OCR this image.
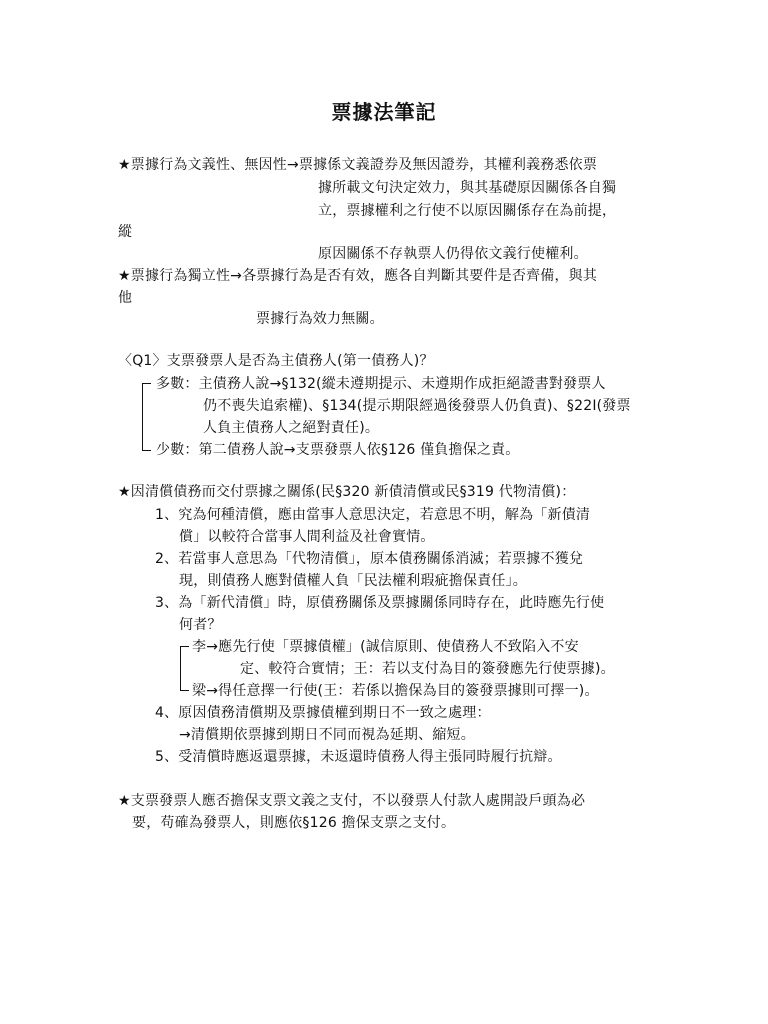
票據法筆記
★票據行為文義性、無因性→票據係文義證券及無因證券，其權利義務悉依票
據所載文句決定效力，與其基礎原因關係各自獨
立，票據權利之行使不以原因關係存在為前提，
縱
原因關係不存執票人仍得依文義行使權利。
★票據行為獨立性→各票據行為是否有效，應各自判斷其要件是否齊備，與其
他
票據行為效力無關。
〈Q1〉支票發票人是否為主債務人(第一債務人)？
多數：主債務人說→§132(縱未遵期提示、未遵期作成拒絕證書對發票人
仍不喪失追索權)、§134(提示期限經過後發票人仍負責)、§22Ⅰ(發票
人負主債務人之絕對責任)。
少數：第二債務人說→支票發票人依§126 僅負擔保之責。
★因清償債務而交付票據之關係(民§320 新債清償或民§319 代物清償)：
1、究為何種清償，應由當事人意思決定，若意思不明，解為「新債清
償」以較符合當事人間利益及社會實情。
2、若當事人意思為「代物清償」，原本債務關係消滅；若票據不獲兌
現，則債務人應對債權人負「民法權利瑕疵擔保責任」。
3、為「新代清償」時，原債務關係及票據關係同時存在，此時應先行使
何者？
李→應先行使「票據債權」(誠信原則、使債務人不致陷入不安
定、較符合實情；王：若以支付為目的簽發應先行使票據)。
梁→得任意擇一行使(王：若係以擔保為目的簽發票據則可擇一)。
4、原因債務清償期及票據債權到期日不一致之處理：
→清償期依票據到期日不同而視為延期、縮短。
5、受清償時應返還票據，未返還時債務人得主張同時履行抗辯。
★支票發票人應否擔保支票文義之支付，不以發票人付款人處開設戶頭為必
要，苟確為發票人，則應依§126 擔保支票之支付。
